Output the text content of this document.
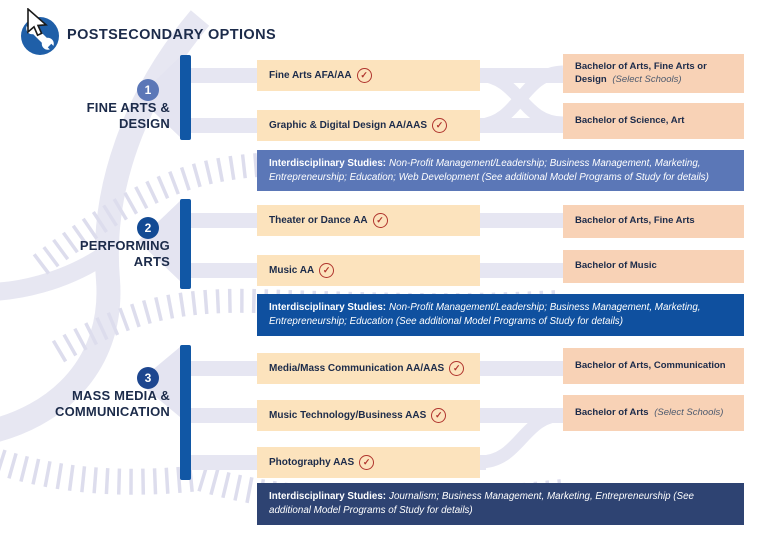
POSTSECONDARY OPTIONS
1
FINE ARTS & DESIGN
Fine Arts AFA/AA ✓
Graphic & Digital Design AA/AAS ✓
Bachelor of Arts, Fine Arts or Design (Select Schools)
Bachelor of Science, Art
Interdisciplinary Studies: Non-Profit Management/Leadership; Business Management, Marketing, Entrepreneurship; Education; Web Development (See additional Model Programs of Study for details)
2
PERFORMING ARTS
Theater or Dance AA ✓
Music AA ✓
Bachelor of Arts, Fine Arts
Bachelor of Music
Interdisciplinary Studies: Non-Profit Management/Leadership; Business Management, Marketing, Entrepreneurship; Education (See additional Model Programs of Study for details)
3
MASS MEDIA & COMMUNICATION
Media/Mass Communication AA/AAS ✓
Music Technology/Business AAS ✓
Photography AAS ✓
Bachelor of Arts, Communication
Bachelor of Arts (Select Schools)
Interdisciplinary Studies: Journalism; Business Management, Marketing, Entrepreneurship (See additional Model Programs of Study for details)
